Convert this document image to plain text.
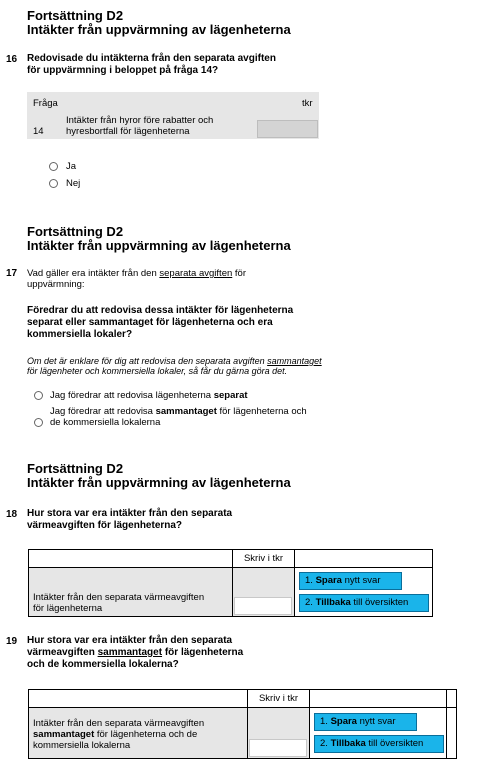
Fortsättning D2
Intäkter från uppvärmning av lägenheterna
16 Redovisade du intäkterna från den separata avgiften
för uppvärmning i beloppet på fråga 14?
Fråga	tkr
14
Intäkter från hyror före rabatter och
hyresbortfall för lägenheterna
Ja
Nej
Fortsättning D2
Intäkter från uppvärmning av lägenheterna
17 Vad gäller era intäkter från den separata avgiften för
uppvärmning:
Föredrar du att redovisa dessa intäkter för lägenheterna
separat eller sammantaget för lägenheterna och era
kommersiella lokaler?
Om det är enklare för dig att redovisa den separata avgiften sammantaget
för lägenheter och kommersiella lokaler, så får du gärna göra det.
Jag föredrar att redovisa lägenheterna separat
Jag föredrar att redovisa sammantaget för lägenheterna och
de kommersiella lokalerna
Fortsättning D2
Intäkter från uppvärmning av lägenheterna
18 Hur stora var era intäkter från den separata
värmeavgiften för lägenheterna?
Skriv i tkr
Intäkter från den separata värmeavgiften
för lägenheterna
1. Spara nytt svar
2. Tillbaka till översikten
19 Hur stora var era intäkter från den separata
värmeavgiften sammantaget för lägenheterna
och de kommersiella lokalerna?
Skriv i tkr
Intäkter från den separata värmeavgiften
sammantaget för lägenheterna och de
kommersiella lokalerna
1. Spara nytt svar
2. Tillbaka till översikten
